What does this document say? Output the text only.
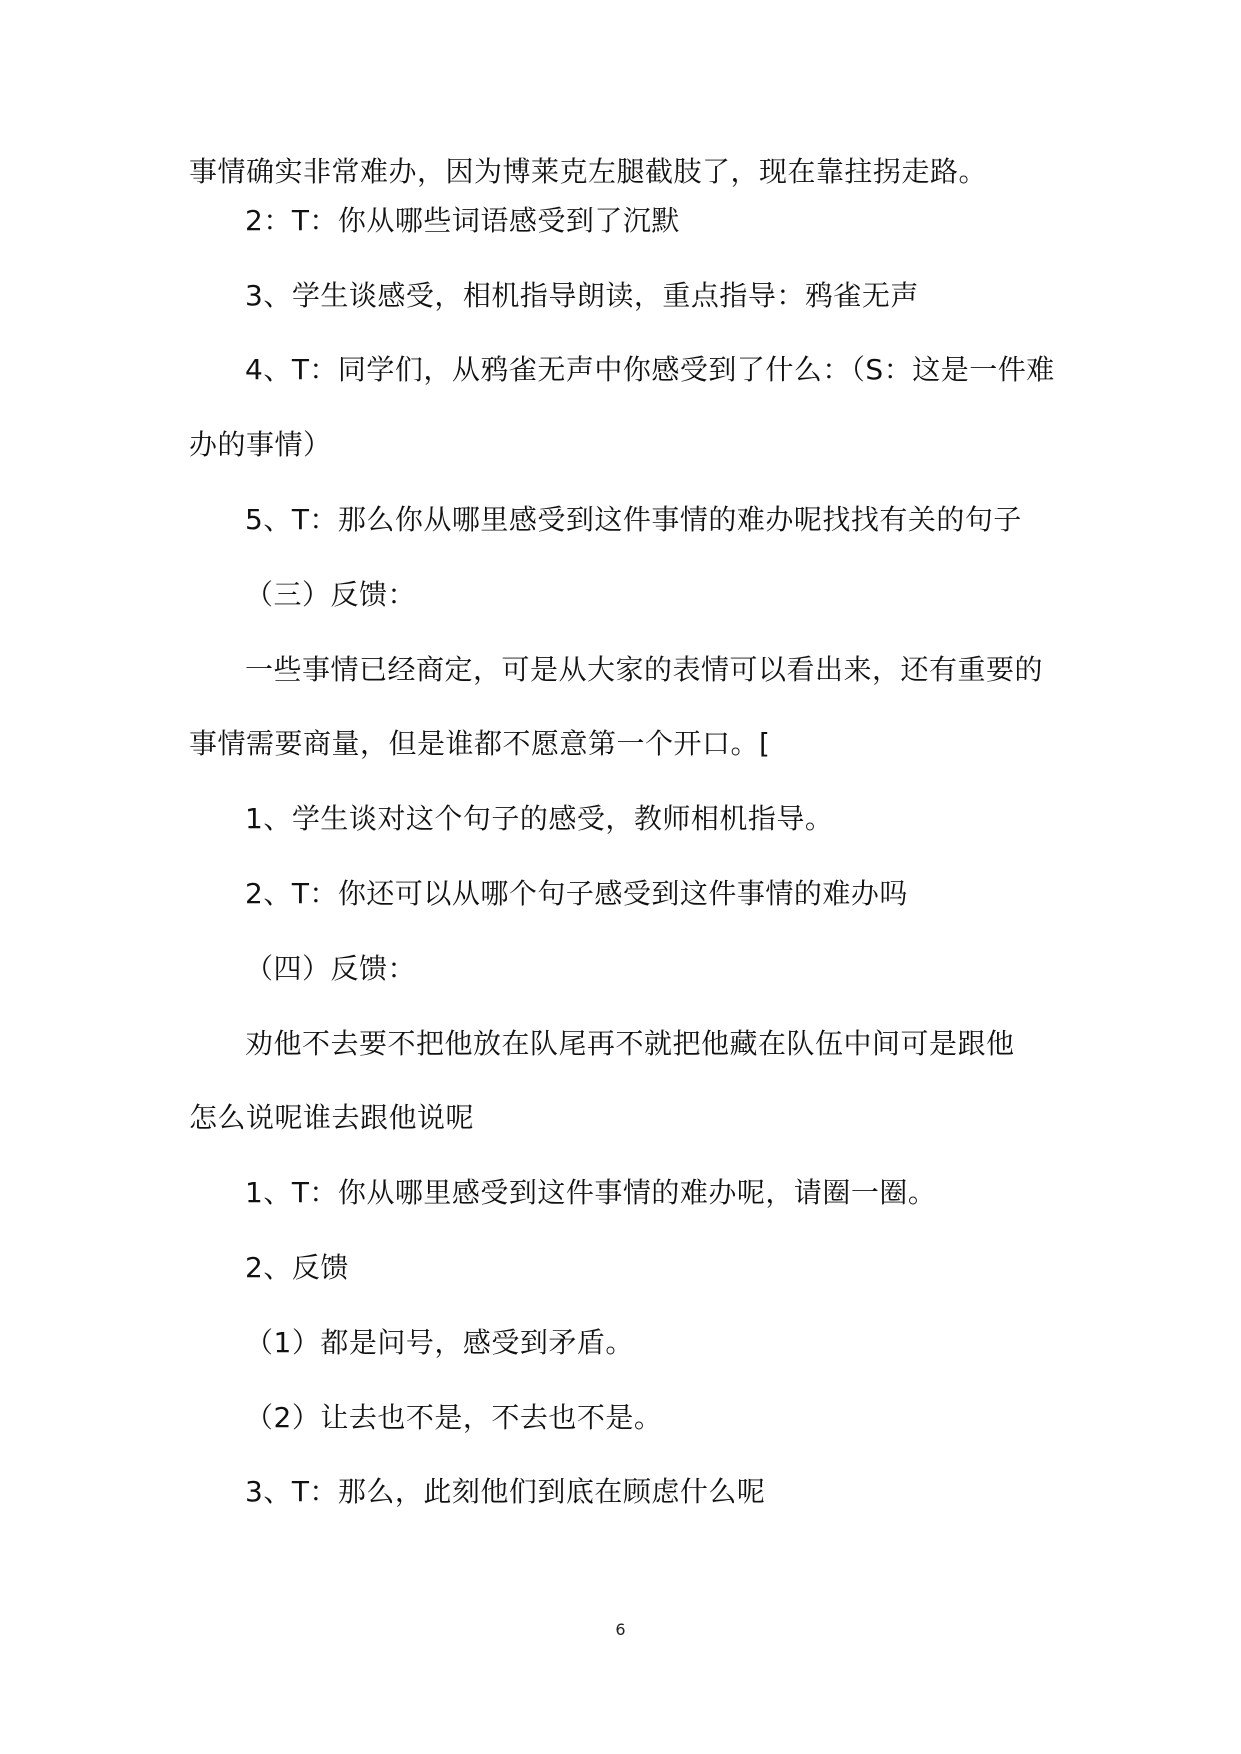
事情确实非常难办，因为博莱克左腿截肢了，现在靠拄拐走路。
2：T：你从哪些词语感受到了沉默
3、学生谈感受，相机指导朗读，重点指导：鸦雀无声
4、T：同学们，从鸦雀无声中你感受到了什么：（S：这是一件难
办的事情）
5、T：那么你从哪里感受到这件事情的难办呢找找有关的句子
（三）反馈：
一些事情已经商定，可是从大家的表情可以看出来，还有重要的
事情需要商量，但是谁都不愿意第一个开口。[
1、学生谈对这个句子的感受，教师相机指导。
2、T：你还可以从哪个句子感受到这件事情的难办吗
（四）反馈：
劝他不去要不把他放在队尾再不就把他藏在队伍中间可是跟他
怎么说呢谁去跟他说呢
1、T：你从哪里感受到这件事情的难办呢，请圈一圈。
2、反馈
（1）都是问号，感受到矛盾。
（2）让去也不是，不去也不是。
3、T：那么，此刻他们到底在顾虑什么呢
6
